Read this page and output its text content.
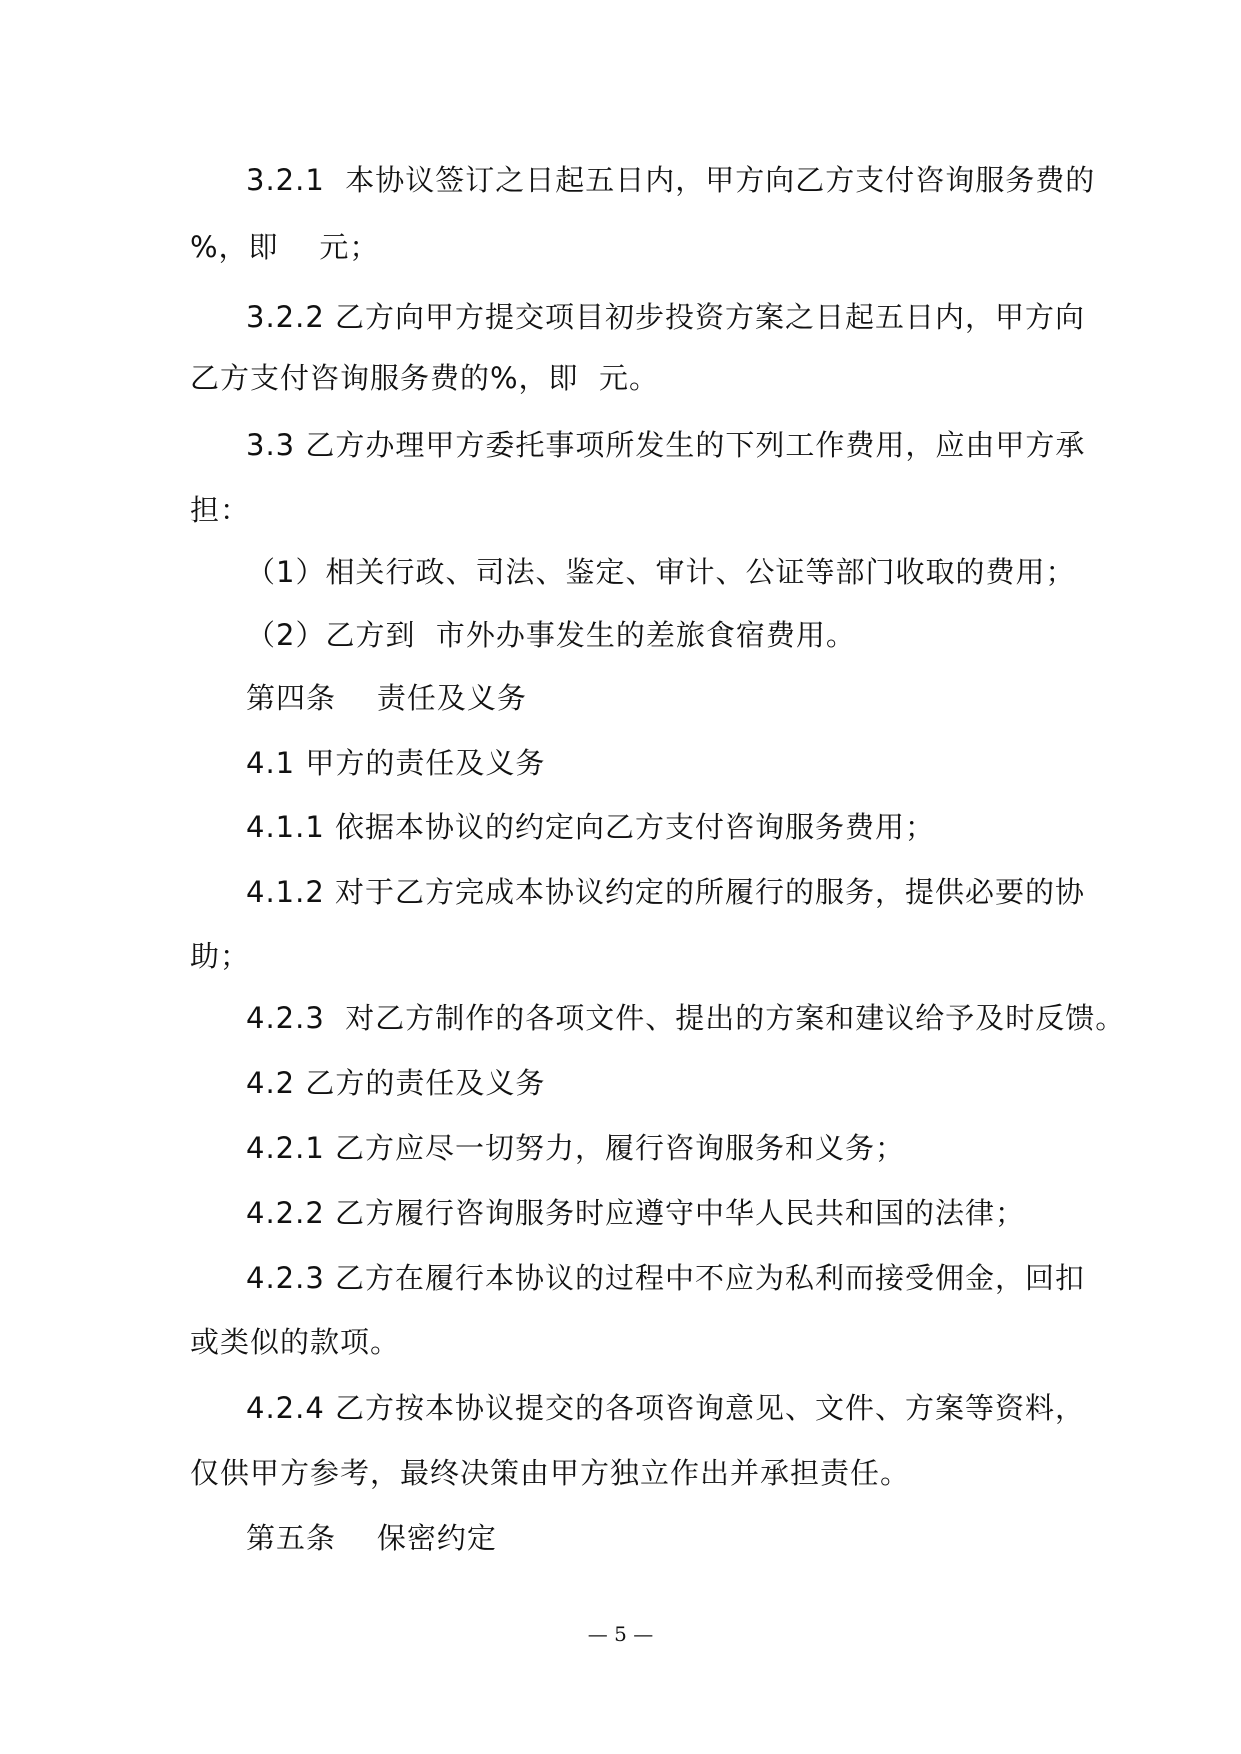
3.2.1  本协议签订之日起五日内，甲方向乙方支付咨询服务费的
%，即    元；
3.2.2 乙方向甲方提交项目初步投资方案之日起五日内，甲方向
乙方支付咨询服务费的%，即  元。
3.3 乙方办理甲方委托事项所发生的下列工作费用，应由甲方承
担：
（1）相关行政、司法、鉴定、审计、公证等部门收取的费用；
（2）乙方到  市外办事发生的差旅食宿费用。
第四条    责任及义务
4.1 甲方的责任及义务
4.1.1 依据本协议的约定向乙方支付咨询服务费用；
4.1.2 对于乙方完成本协议约定的所履行的服务，提供必要的协
助；
4.2.3  对乙方制作的各项文件、提出的方案和建议给予及时反馈。
4.2 乙方的责任及义务
4.2.1 乙方应尽一切努力，履行咨询服务和义务；
4.2.2 乙方履行咨询服务时应遵守中华人民共和国的法律；
4.2.3 乙方在履行本协议的过程中不应为私利而接受佣金，回扣
或类似的款项。
4.2.4 乙方按本协议提交的各项咨询意见、文件、方案等资料，
仅供甲方参考，最终决策由甲方独立作出并承担责任。
第五条    保密约定
— 5 —
